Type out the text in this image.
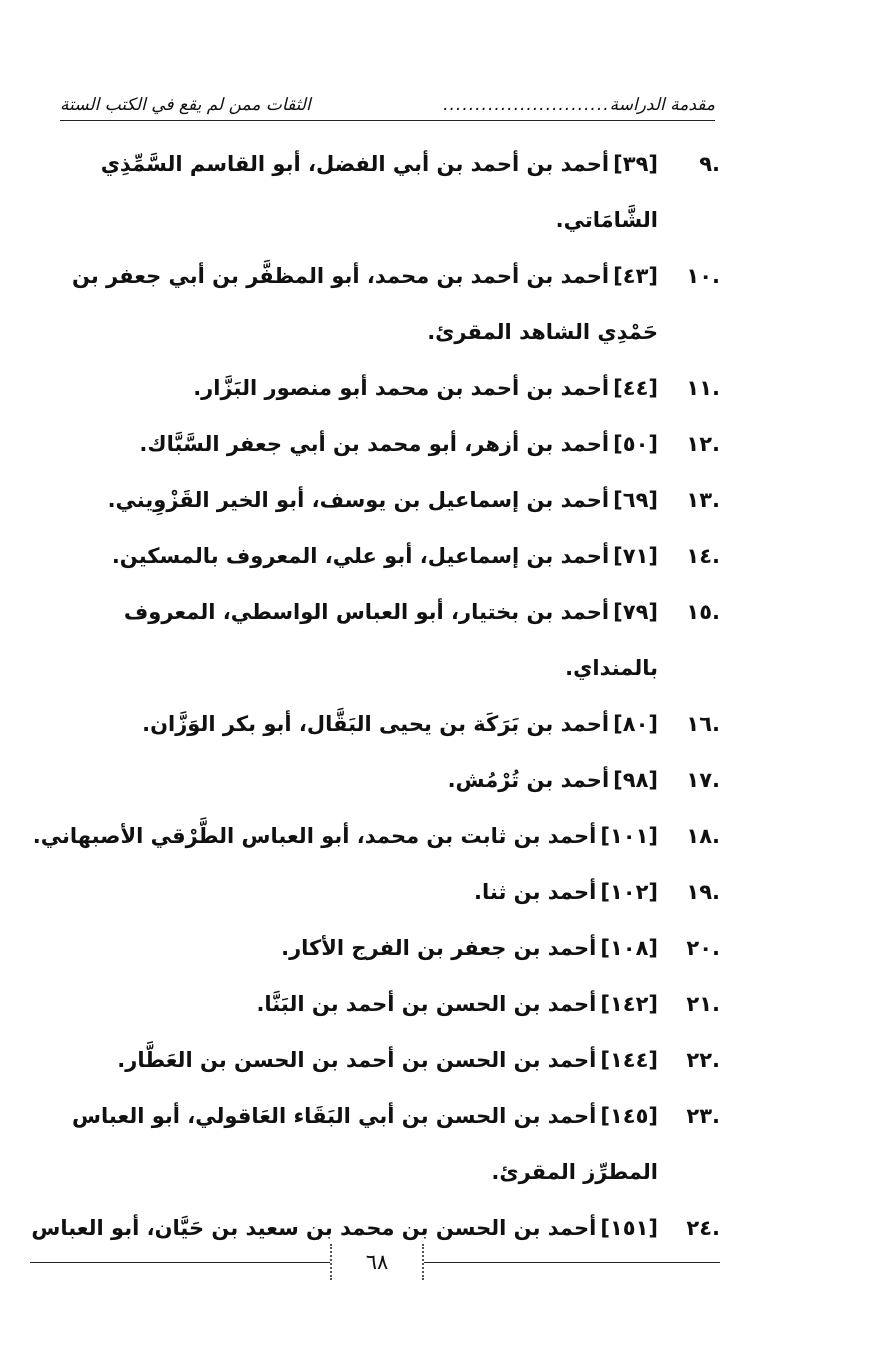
مقدمة الدراسة
..........................
الثقات ممن لم يقع في الكتب الستة
.٩
[٣٩]أحمد بن أحمد بن أبي الفضل، أبو القاسم السَّمِّذِي الشَّامَاتي.
.١٠
[٤٣]أحمد بن أحمد بن محمد، أبو المظفَّر بن أبي جعفر بن حَمْدِي الشاهد المقرئ.
.١١
[٤٤]أحمد بن أحمد بن محمد أبو منصور البَزَّار.
.١٢
[٥٠]أحمد بن أزهر، أبو محمد بن أبي جعفر السَّبَّاك.
.١٣
[٦٩]أحمد بن إسماعيل بن يوسف، أبو الخير القَزْوِيني.
.١٤
[٧١]أحمد بن إسماعيل، أبو علي، المعروف بالمسكين.
.١٥
[٧٩]أحمد بن بختيار، أبو العباس الواسطي، المعروف بالمنداي.
.١٦
[٨٠]أحمد بن بَرَكَة بن يحيى البَقَّال، أبو بكر الوَزَّان.
.١٧
[٩٨]أحمد بن تُرْمُش.
.١٨
[١٠١]أحمد بن ثابت بن محمد، أبو العباس الطَّرْقي الأصبهاني.
.١٩
[١٠٢]أحمد بن ثنا.
.٢٠
[١٠٨]أحمد بن جعفر بن الفرج الأكار.
.٢١
[١٤٢]أحمد بن الحسن بن أحمد بن البَنَّا.
.٢٢
[١٤٤]أحمد بن الحسن بن أحمد بن الحسن بن العَطَّار.
.٢٣
[١٤٥]أحمد بن الحسن بن أبي البَقَاء العَاقولي، أبو العباس المطرِّز المقرئ.
.٢٤
[١٥١]أحمد بن الحسن بن محمد بن سعيد بن حَيَّان، أبو العباس
٦٨
